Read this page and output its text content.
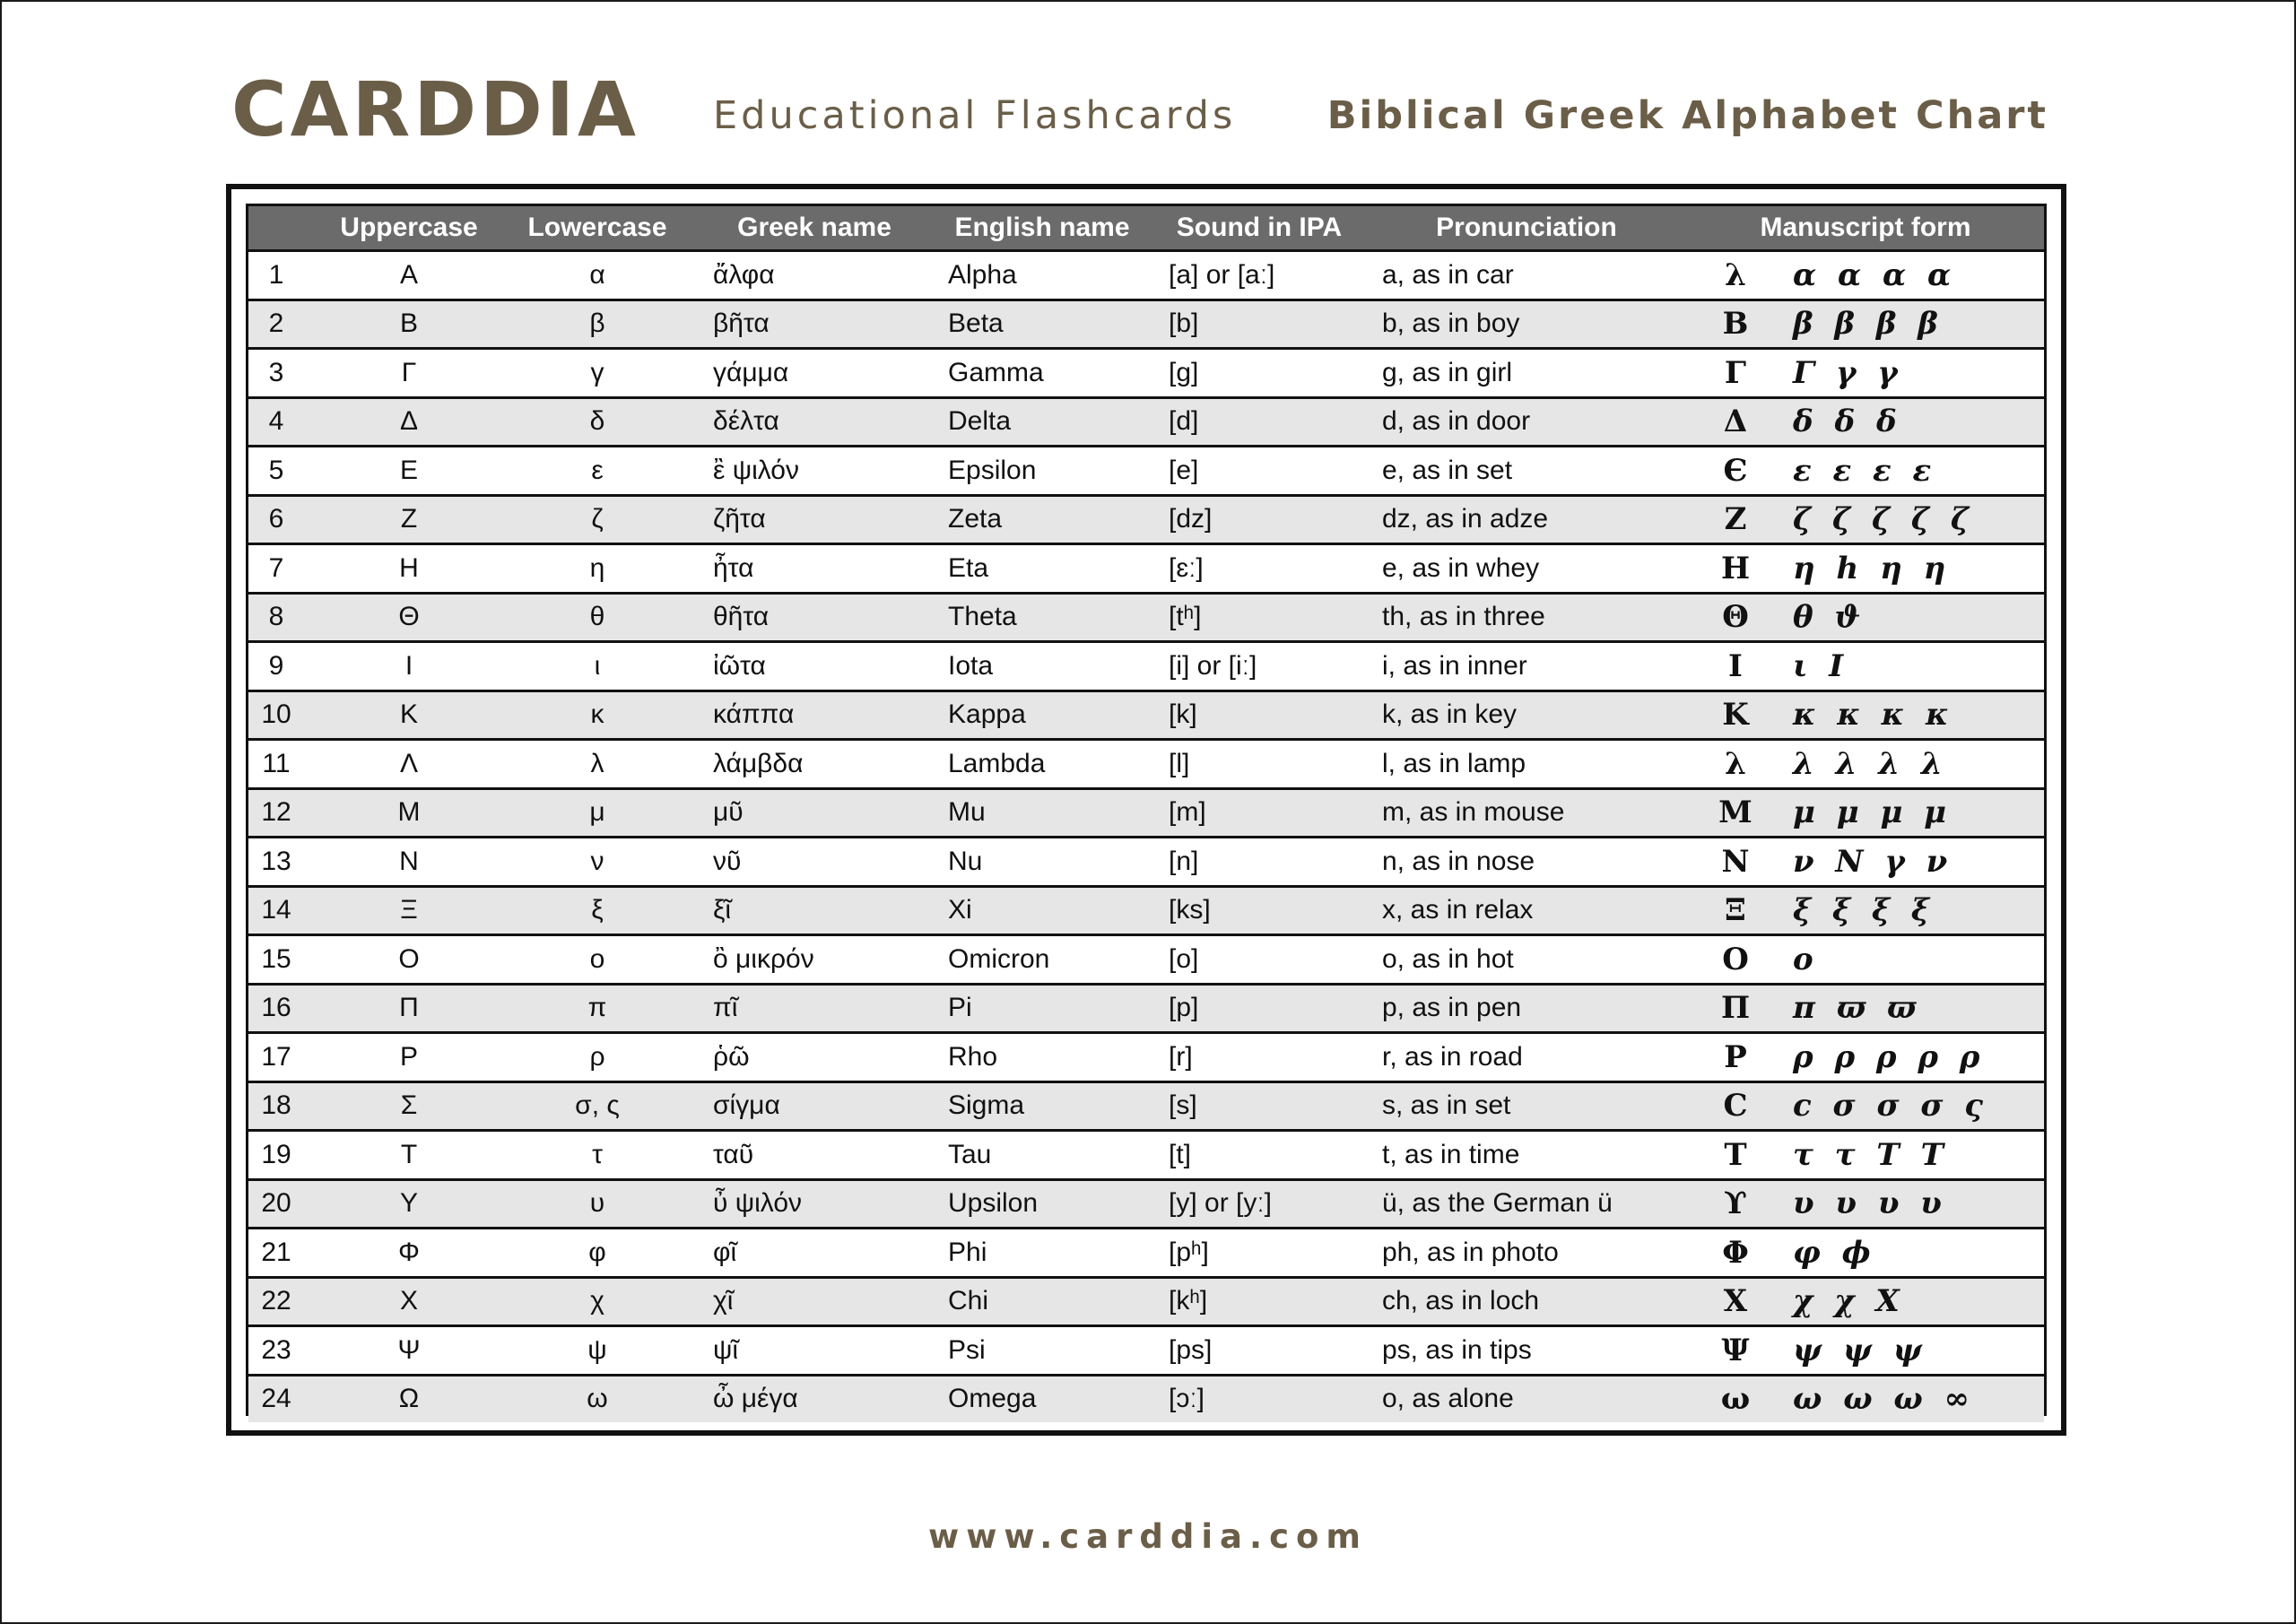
CARDDIA Educational Flashcards Biblical Greek Alphabet Chart
	Uppercase	Lowercase	Greek name	English name	Sound in IPA	Pronunciation	Manuscript form
1	Α	α	ἄλφα	Alpha	[a] or [aː]	a, as in car	λ α α α α

2	Β	β	βῆτα	Beta	[b]	b, as in boy	Β β β β β

3	Γ	γ	γάμμα	Gamma	[g]	g, as in girl	Γ Γ γ γ

4	Δ	δ	δέλτα	Delta	[d]	d, as in door	Δ δ δ δ

5	Ε	ε	ἒ ψιλόν	Epsilon	[e]	e, as in set	Є ε ε ε ε

6	Ζ	ζ	ζῆτα	Zeta	[dz]	dz, as in adze	Ζ ζ ζ ζ ζ ζ

7	Η	η	ἦτα	Eta	[ɛː]	e, as in whey	Η η h η η

8	Θ	θ	θῆτα	Theta	[tʰ]	th, as in three	Θ θ ϑ

9	Ι	ι	ἰῶτα	Iota	[i] or [iː]	i, as in inner	Ι ι Ι

10	Κ	κ	κάππα	Kappa	[k]	k, as in key	Κ κ κ κ κ

11	Λ	λ	λάμβδα	Lambda	[l]	l, as in lamp	λ λ λ λ λ

12	Μ	μ	μῦ	Mu	[m]	m, as in mouse	Μ μ μ μ μ

13	Ν	ν	νῦ	Nu	[n]	n, as in nose	Ν ν Ν γ ν

14	Ξ	ξ	ξῖ	Xi	[ks]	x, as in relax	Ξ ξ ξ ξ ξ

15	Ο	ο	ὂ μικρόν	Omicron	[o]	o, as in hot	Ο ο

16	Π	π	πῖ	Pi	[p]	p, as in pen	Π π ϖ ϖ

17	Ρ	ρ	ῥῶ	Rho	[r]	r, as in road	Ρ ρ ρ ρ ρ ρ

18	Σ	σ, ς	σίγμα	Sigma	[s]	s, as in set	Ϲ ϲ σ σ σ ς

19	Τ	τ	ταῦ	Tau	[t]	t, as in time	Τ τ τ Τ Τ

20	Υ	υ	ὖ ψιλόν	Upsilon	[y] or [yː]	ü, as the German ü	ϒ υ υ υ υ

21	Φ	φ	φῖ	Phi	[pʰ]	ph, as in photo	Φ φ ϕ

22	Χ	χ	χῖ	Chi	[kʰ]	ch, as in loch	Χ χ χ Χ

23	Ψ	ψ	ψῖ	Psi	[ps]	ps, as in tips	Ψ ψ ψ ψ

24	Ω	ω	ὦ μέγα	Omega	[ɔː]	o, as alone	ω ω ω ω ∞
www.carddia.com
